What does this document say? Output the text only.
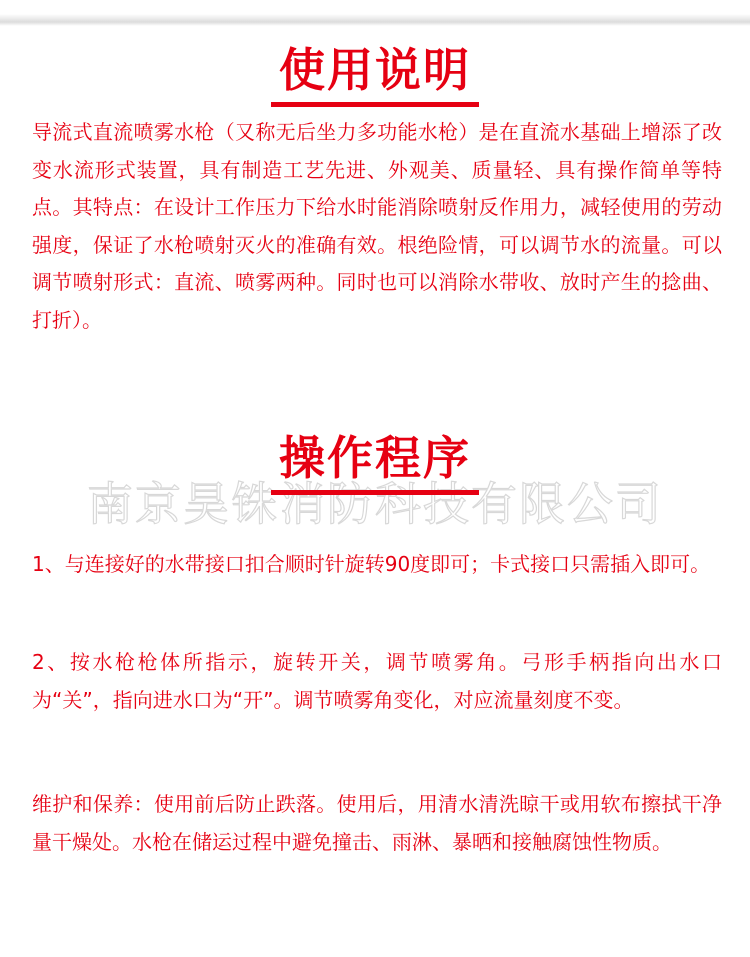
使用说明

导流式直流喷雾水枪（又称无后坐力多功能水枪）是在直流水基础上增添了改变水流形式装置，具有制造工艺先进、外观美、质量轻、具有操作简单等特点。其特点：在设计工作压力下给水时能消除喷射反作用力，减轻使用的劳动强度，保证了水枪喷射灭火的准确有效。根绝险情，可以调节水的流量。可以调节喷射形式：直流、喷雾两种。同时也可以消除水带收、放时产生的捻曲、打折）。

南京昊铢消防科技有限公司
操作程序

1、与连接好的水带接口扣合顺时针旋转90度即可；卡式接口只需插入即可。

2、按水枪枪体所指示，旋转开关，调节喷雾角。弓形手柄指向出水口为“关”，指向进水口为“开”。调节喷雾角变化，对应流量刻度不变。

维护和保养：使用前后防止跌落。使用后，用清水清洗晾干或用软布擦拭干净量干燥处。水枪在储运过程中避免撞击、雨淋、暴晒和接触腐蚀性物质。
